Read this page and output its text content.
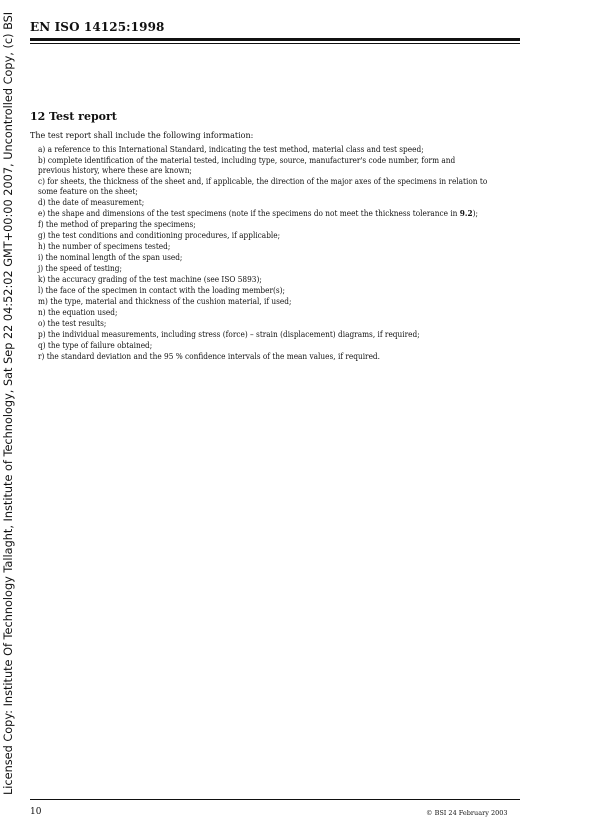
EN ISO 14125:1998
Licensed Copy: Institute Of Technology Tallaght, Institute of Technology, Sat Sep 22 04:52:02 GMT+00:00 2007, Uncontrolled Copy, (c) BSI 12 Test report
The test report shall include the following information:
a) a reference to this International Standard, indicating the test method, material class and test speed;
b) complete identification of the material tested, including type, source, manufacturer's code number, form and previous history, where these are known;
c) for sheets, the thickness of the sheet and, if applicable, the direction of the major axes of the specimens in relation to some feature on the sheet;
d) the date of measurement;
e) the shape and dimensions of the test specimens (note if the specimens do not meet the thickness tolerance in 9.2);
f) the method of preparing the specimens;
g) the test conditions and conditioning procedures, if applicable;
h) the number of specimens tested;
i) the nominal length of the span used;
j) the speed of testing;
k) the accuracy grading of the test machine (see ISO 5893);
l) the face of the specimen in contact with the loading member(s);
m) the type, material and thickness of the cushion material, if used;
n) the equation used;
o) the test results;
p) the individual measurements, including stress (force) – strain (displacement) diagrams, if required;
q) the type of failure obtained;
r) the standard deviation and the 95 % confidence intervals of the mean values, if required.
10	© BSI 24 February 2003
